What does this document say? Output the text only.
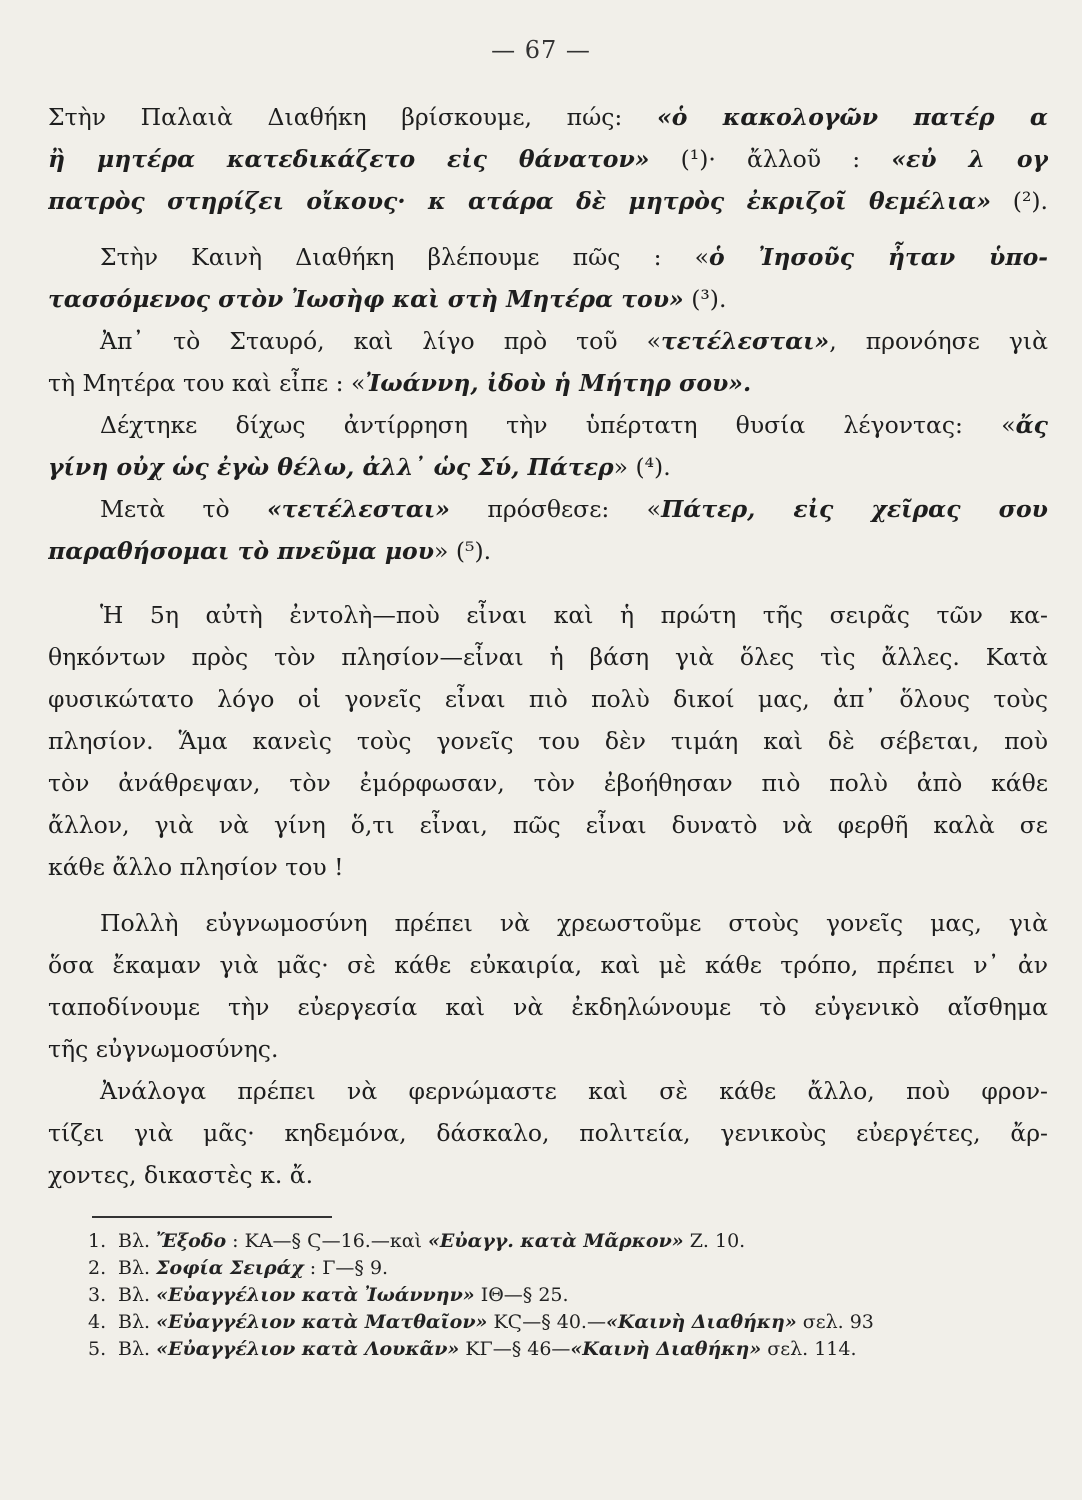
— 67 —
Στὴν Παλαιὰ Διαθήκη βρίσκουμε, πώς: «ὁ κακολογῶν πατέρ α
ἢ μητέρα κατεδικάζετο εἰς θάνατον» (¹)· ἄλλοῦ : «εὐ λ ογ
πατρὸς στηρίζει οἴκους· κ ατάρα δὲ μητρὸς ἐκριζοῖ θεμέλια» (²).
Στὴν Καινὴ Διαθήκη βλέπουμε πῶς : «ὁ Ἰησοῦς ἦταν ὑπο-
τασσόμενος στὸν Ἰωσὴφ καὶ στὴ Μητέρα του» (³).
Ἀπ᾽ τὸ Σταυρό, καὶ λίγο πρὸ τοῦ «τετέλεσται», προνόησε γιὰ
τὴ Μητέρα του καὶ εἶπε : «Ἰωάννη, ἰδοὺ ἡ Μήτηρ σου».
Δέχτηκε δίχως ἀντίρρηση τὴν ὑπέρτατη θυσία λέγοντας: «ἄς
γίνη οὐχ ὡς ἐγὼ θέλω, ἀλλ᾽ ὡς Σύ, Πάτερ» (⁴).
Μετὰ τὸ «τετέλεσται» πρόσθεσε: «Πάτερ, εἰς χεῖρας σου
παραθήσομαι τὸ πνεῦμα μου» (⁵).
Ἡ 5η αὐτὴ ἐντολὴ—ποὺ εἶναι καὶ ἡ πρώτη τῆς σειρᾶς τῶν κα-
θηκόντων πρὸς τὸν πλησίον—εἶναι ἡ βάση γιὰ ὅλες τὶς ἄλλες. Κατὰ
φυσικώτατο λόγο οἱ γονεῖς εἶναι πιὸ πολὺ δικοί μας, ἀπ᾽ ὅλους τοὺς
πλησίον. Ἅμα κανεὶς τοὺς γονεῖς του δὲν τιμάη καὶ δὲ σέβεται, ποὺ
τὸν ἀνάθρεψαν, τὸν ἐμόρφωσαν, τὸν ἐβοήθησαν πιὸ πολὺ ἀπὸ κάθε
ἄλλον, γιὰ νὰ γίνη ὅ,τι εἶναι, πῶς εἶναι δυνατὸ νὰ φερθῆ καλὰ σε
κάθε ἄλλο πλησίον του !
Πολλὴ εὐγνωμοσύνη πρέπει νὰ χρεωστοῦμε στοὺς γονεῖς μας, γιὰ
ὅσα ἔκαμαν γιὰ μᾶς· σὲ κάθε εὐκαιρία, καὶ μὲ κάθε τρόπο, πρέπει ν᾽ ἀν
ταποδίνουμε τὴν εὐεργεσία καὶ νὰ ἐκδηλώνουμε τὸ εὐγενικὸ αἴσθημα
τῆς εὐγνωμοσύνης.
Ἀνάλογα πρέπει νὰ φερνώμαστε καὶ σὲ κάθε ἄλλο, ποὺ φρον-
τίζει γιὰ μᾶς· κηδεμόνα, δάσκαλο, πολιτεία, γενικοὺς εὐεργέτες, ἄρ-
χοντες, δικαστὲς κ. ἄ.
1. Βλ. Ἔξοδο : ΚΑ—§ Ϛ—16.—καὶ «Εὐαγγ. κατὰ Μᾶρκον» Ζ. 10.
2. Βλ. Σοφία Σειράχ : Γ—§ 9.
3. Βλ. «Εὐαγγέλιον κατὰ Ἰωάννην» ΙΘ—§ 25.
4. Βλ. «Εὐαγγέλιον κατὰ Ματθαῖον» ΚϚ—§ 40.—«Καινὴ Διαθήκη» σελ. 93
5. Βλ. «Εὐαγγέλιον κατὰ Λουκᾶν» ΚΓ—§ 46—«Καινὴ Διαθήκη» σελ. 114.
